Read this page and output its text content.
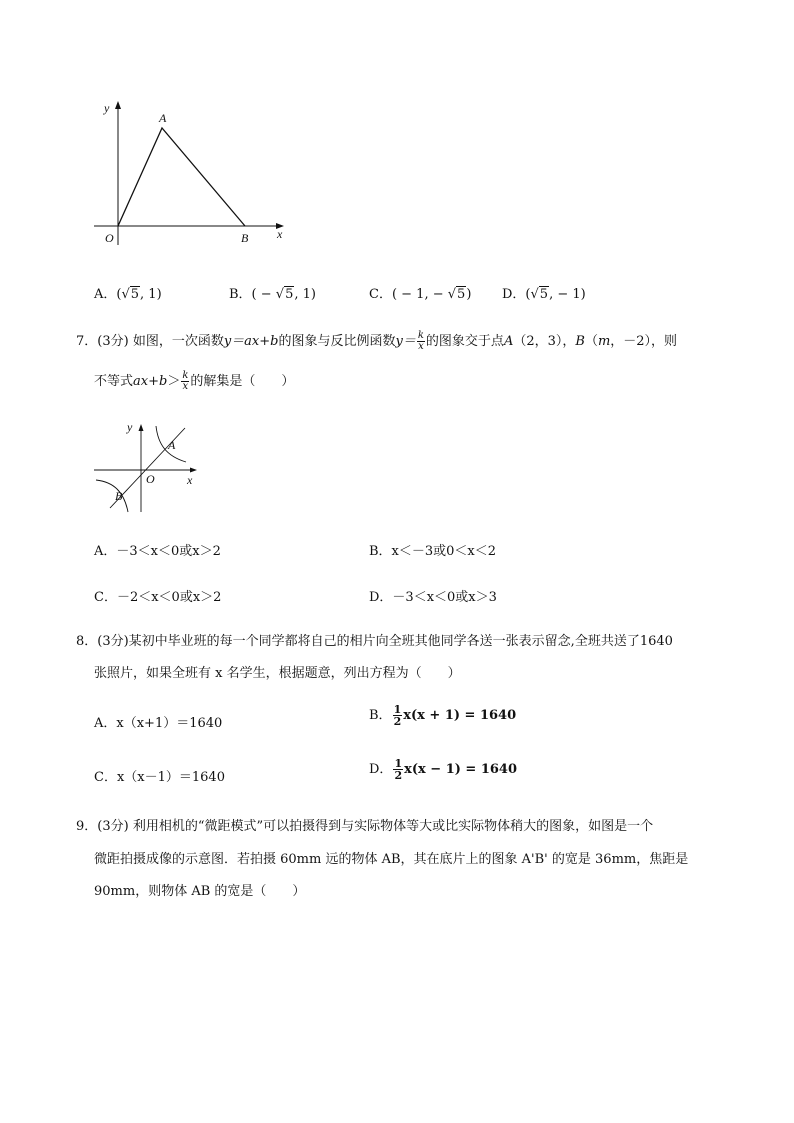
y
x
O
A
B
A．(√5, 1)	B．( − √5, 1)	C．( − 1, − √5) D．(√5, − 1)
7．(3分) 如图，一次函数y＝ax+b的图象与反比例函数$y= \frac{k}{x}$ 的图象交于点A（2，3），B（m，－2），则
不等式$ax+b> \frac{k}{x}$ 的解集是（　　）
y
x
O
A
B
A．－3＜x＜0或x＞2	B．x＜－3或0＜x＜2
C．－2＜x＜0或x＞2	D．－3＜x＜0或x＞3
8．(3分)某初中毕业班的每一个同学都将自己的相片向全班其他同学各送一张表示留念,全班共送了1640
张照片，如果全班有 x 名学生，根据题意，列出方程为（　　）
A．x（x+1）＝1640
B． $\frac{1}{2} x(x + 1) = 1640$
C．x（x－1）＝1640
D． $\frac{1}{2} x(x - 1) = 1640$
9．(3分) 利用相机的“微距模式”可以拍摄得到与实际物体等大或比实际物体稍大的图象，如图是一个
微距拍摄成像的示意图．若拍摄 60mm 远的物体 AB，其在底片上的图象 A'B' 的宽是 36mm，焦距是
90mm，则物体 AB 的宽是（　　）
